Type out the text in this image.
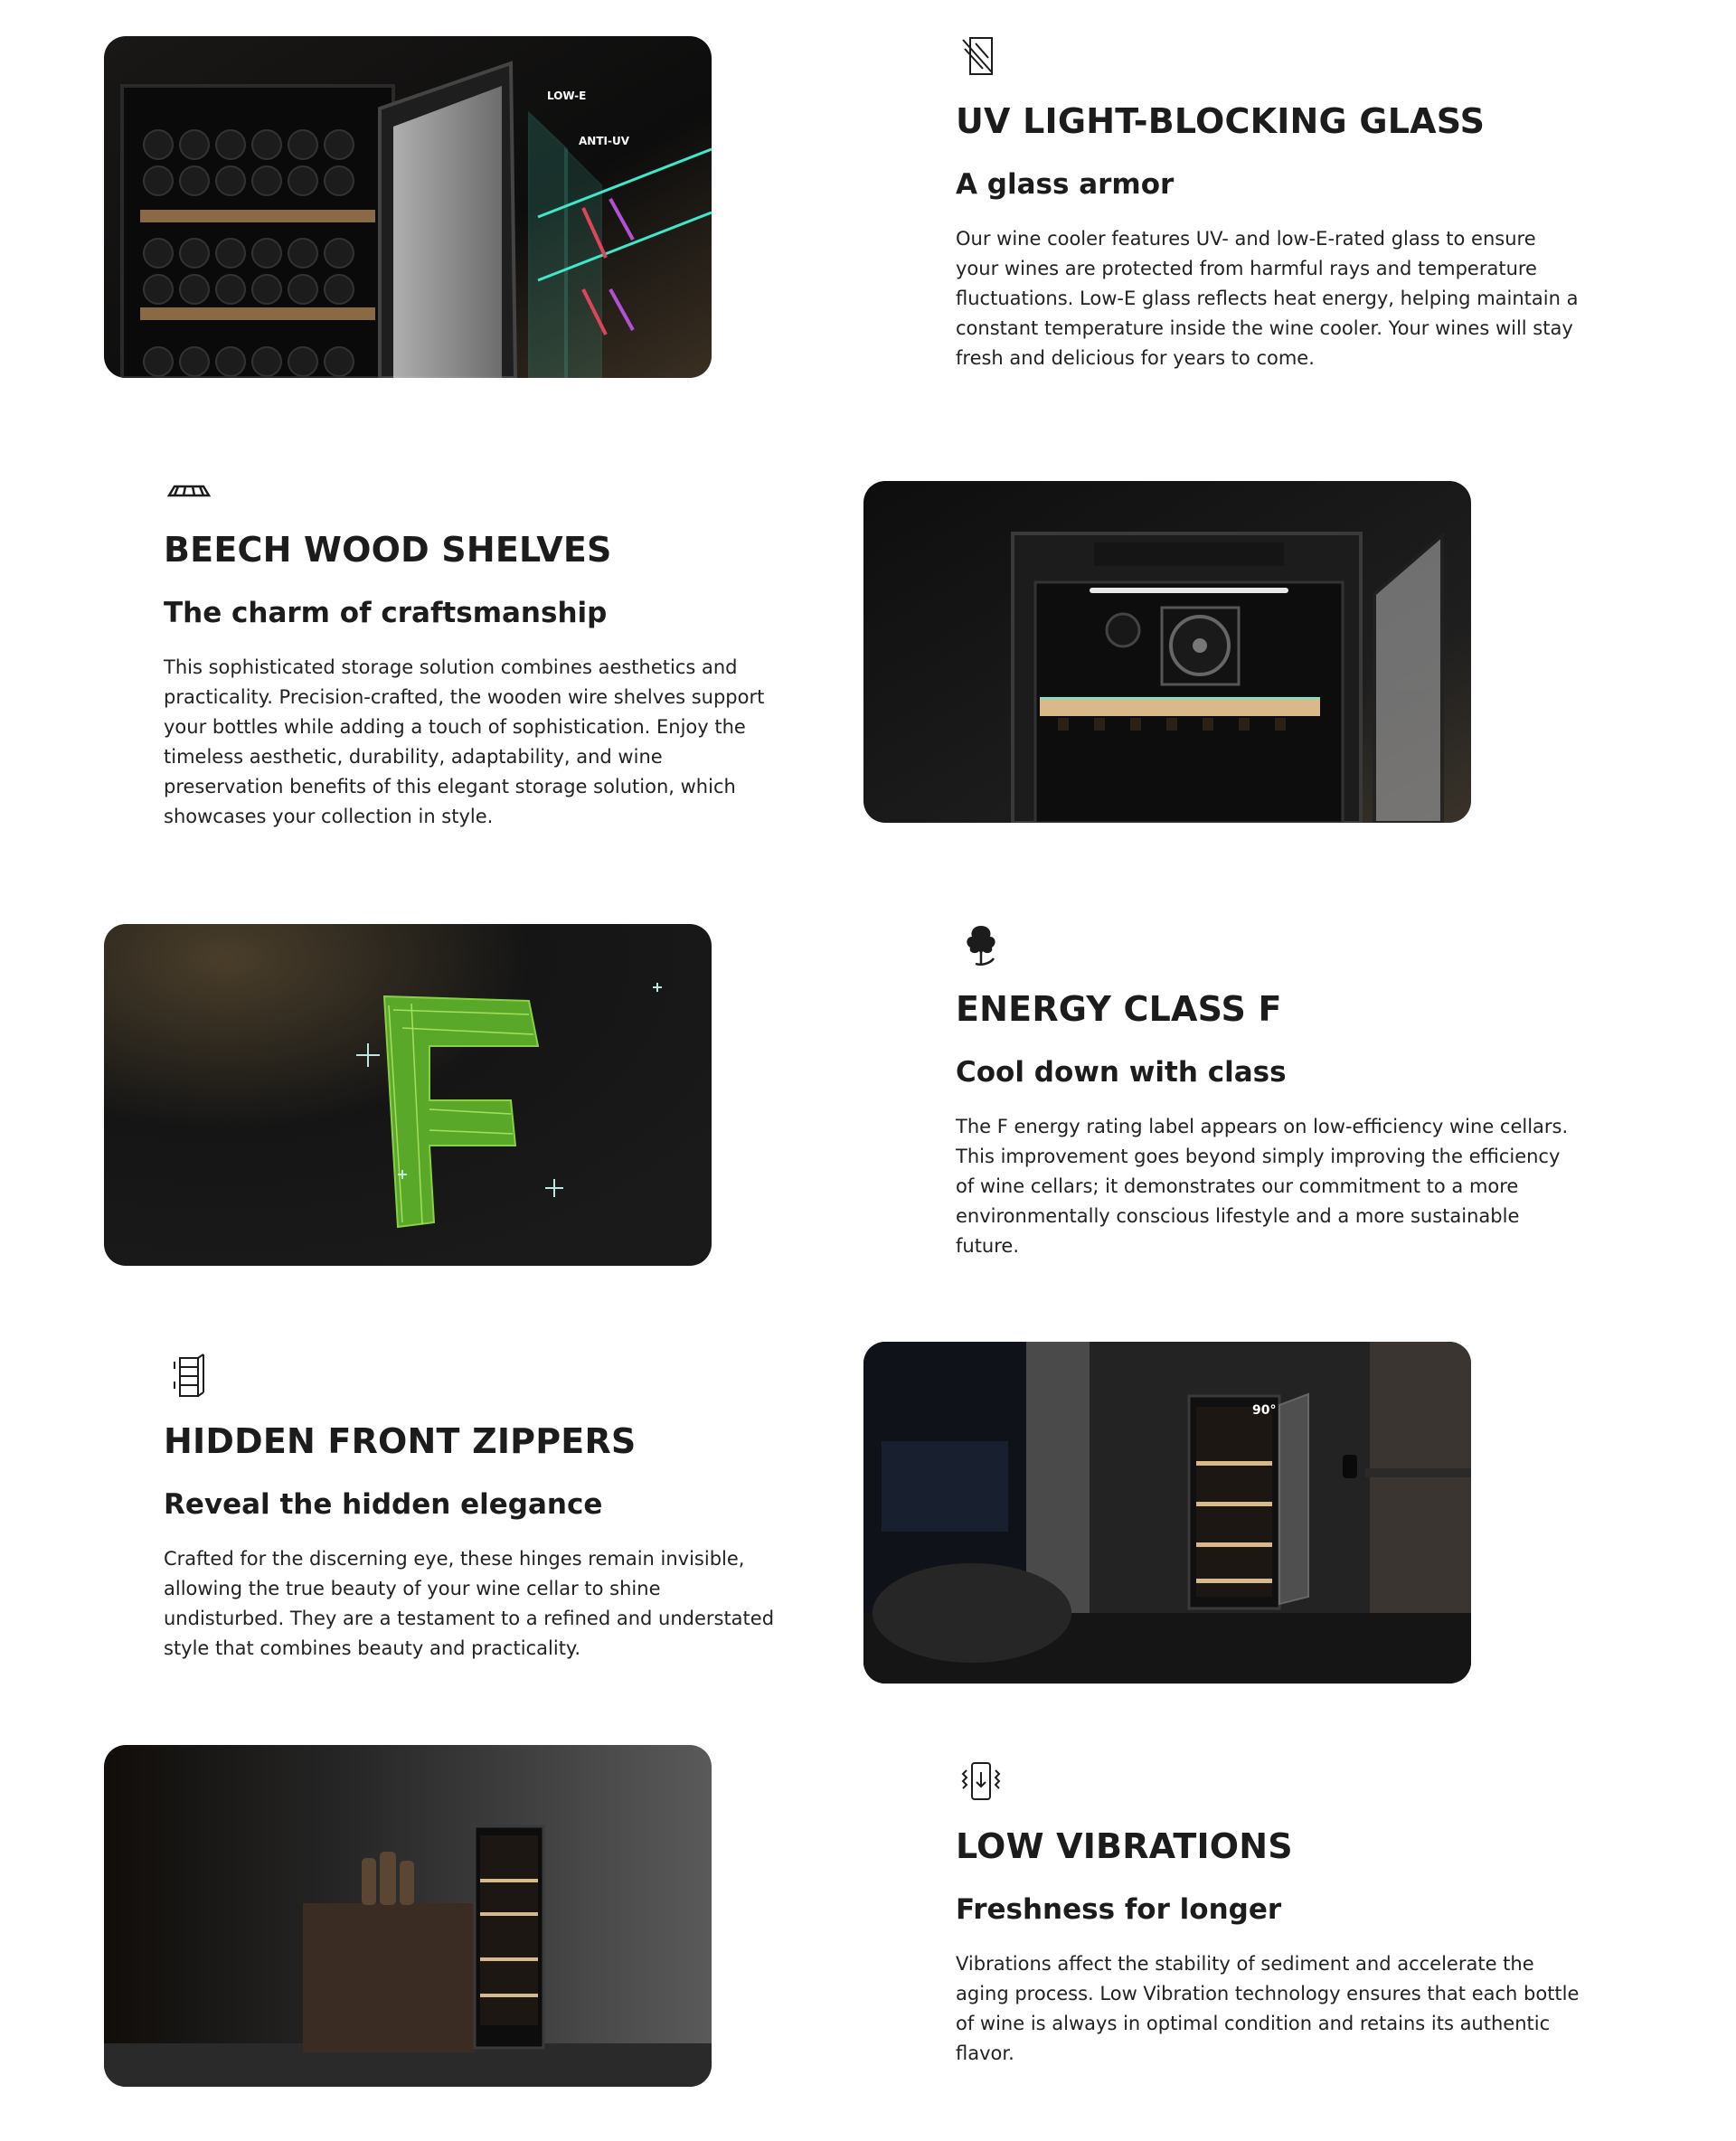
LOW-E
ANTI-UV	UV LIGHT-BLOCKING GLASS
A glass armor

Our wine cooler features UV- and low-E-rated glass to ensure your wines are protected from harmful rays and temperature fluctuations. Low-E glass reflects heat energy, helping maintain a constant temperature inside the wine cooler. Your wines will stay fresh and delicious for years to come.

BEECH WOOD SHELVES
The charm of craftsmanship

This sophisticated storage solution combines aesthetics and practicality. Precision-crafted, the wooden wire shelves support your bottles while adding a touch of sophistication. Enjoy the timeless aesthetic, durability, adaptability, and wine preservation benefits of this elegant storage solution, which showcases your collection in style.

ENERGY CLASS F
Cool down with class

The F energy rating label appears on low-efficiency wine cellars. This improvement goes beyond simply improving the efficiency of wine cellars; it demonstrates our commitment to a more environmentally conscious lifestyle and a more sustainable future.

HIDDEN FRONT ZIPPERS
Reveal the hidden elegance

Crafted for the discerning eye, these hinges remain invisible, allowing the true beauty of your wine cellar to shine undisturbed. They are a testament to a refined and understated style that combines beauty and practicality.

90°
LOW VIBRATIONS
Freshness for longer

Vibrations affect the stability of sediment and accelerate the aging process. Low Vibration technology ensures that each bottle of wine is always in optimal condition and retains its authentic flavor.
